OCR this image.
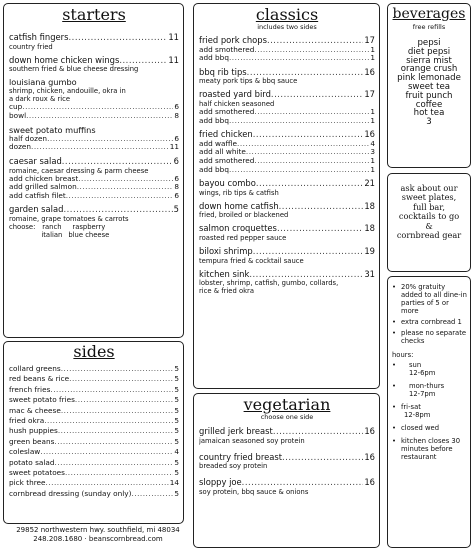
starters
catfish fingers .....	11
country fried
down home chicken wings .....	11
southern fried & blue cheese dressing
louisiana gumbo
shrimp, chicken, andouille, okra in
a dark roux & rice
cup .....	6
bowl .....	8
sweet potato muffins
half dozen .....	6
dozen .....	11
caesar salad .....	6
romaine, caesar dressing & parm cheese
add chicken breast .....	6
add grilled salmon .....	8
add catfish filet .....	6
garden salad .....	5
romaine, grape tomatoes & carrots
choose: ranch
italian
raspberry
blue cheese
sides
collard greens .....	5
red beans & rice .....	5
french fries .....	5
sweet potato fries .....	5
mac & cheese .....	5
fried okra .....	5
hush puppies .....	5
green beans .....	5
coleslaw .....	4
potato salad .....	5
sweet potatoes .....	5
pick three .....	14
cornbread dressing (sunday only) .....	5
29852 northwestern hwy. southfield, mi 48034
248.208.1680 · beanscornbread.com
classics
includes two sides
fried pork chops .....	17
add smothered .....	1
add bbq .....	1
bbq rib tips .....	16
meaty pork tips & bbq sauce
roasted yard bird .....	17
half chicken seasoned
add smothered .....	1
add bbq .....	1
fried chicken .....	16
add waffle .....	4
add all white .....	3
add smothered .....	1
add bbq .....	1
bayou combo .....	21
wings, rib tips & catfish
down home catfish .....	18
fried, broiled or blackened
salmon croquettes .....	18
roasted red pepper sauce
biloxi shrimp .....	19
tempura fried & cocktail sauce
kitchen sink .....	31
lobster, shrimp, catfish, gumbo, collards,
rice & fried okra
vegetarian
choose one side
grilled jerk breast .....	16
jamaican seasoned soy protein
country fried breast .....	16
breaded soy protein
sloppy joe .....	16
soy protein, bbq sauce & onions
beverages
free refills
pepsi
diet pepsi
sierra mist
orange crush
pink lemonade
sweet tea
fruit punch
coffee
hot tea
3
ask about our
sweet plates,
full bar,
cocktails to go
&
cornbread gear
• 20% gratuity added to all dine-in parties of 5 or more
• extra cornbread 1
• please no separate checks
hours:
•	sun
12-6pm
•	mon-thurs
12-7pm
• fri-sat
12-8pm
• closed wed
• kitchen closes 30 minutes before restaurant
